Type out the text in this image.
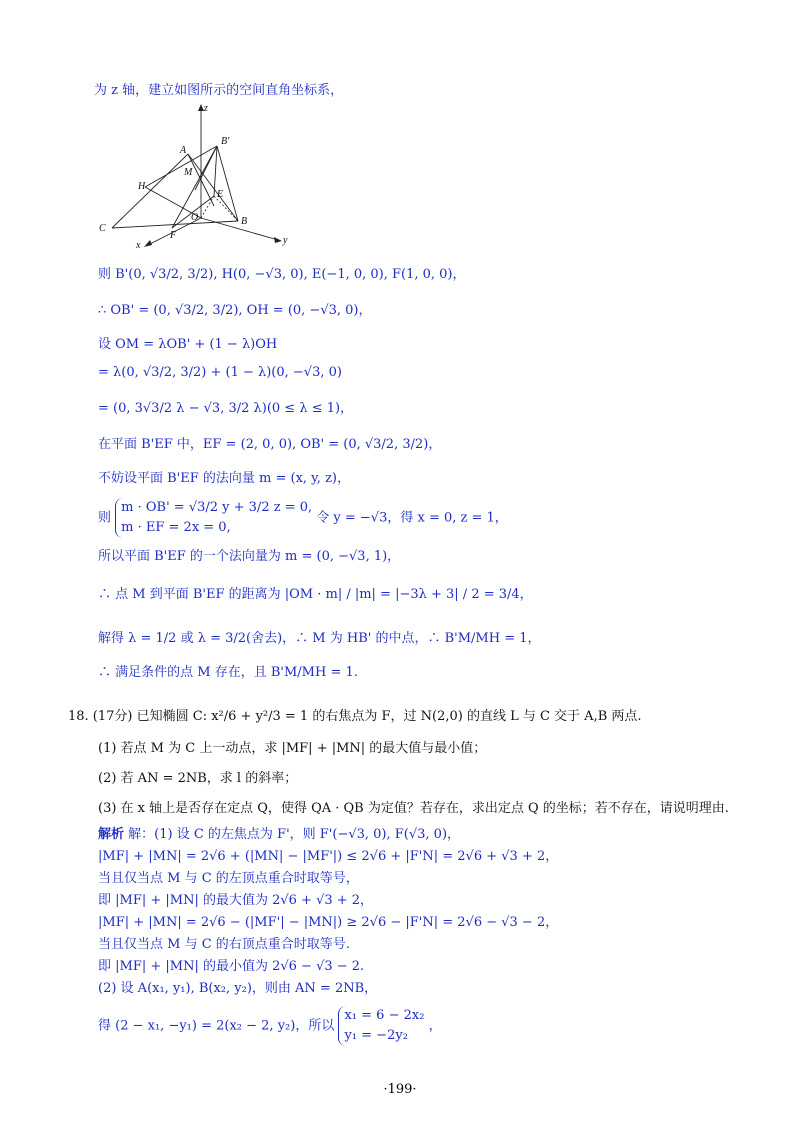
为 z 轴，建立如图所示的空间直角坐标系，
z
B'
A
M
H
E
O	B
C
F
x	y
则 B'(0, √3/2, 3/2), H(0, −√3, 0), E(−1, 0, 0), F(1, 0, 0)，
∴ OB' = (0, √3/2, 3/2), OH = (0, −√3, 0)，
设 OM = λOB' + (1 − λ)OH
= λ(0, √3/2, 3/2) + (1 − λ)(0, −√3, 0)
= (0, 3√3/2 λ − √3, 3/2 λ)(0 ≤ λ ≤ 1)，
在平面 B'EF 中，EF = (2, 0, 0), OB' = (0, √3/2, 3/2)，
不妨设平面 B'EF 的法向量 m = (x, y, z)，
则
m · OB' = √3/2 y + 3/2 z = 0,
m · EF = 2x = 0,
令 y = −√3，得 x = 0, z = 1，
所以平面 B'EF 的一个法向量为 m = (0, −√3, 1)，
∴ 点 M 到平面 B'EF 的距离为 |OM · m| / |m| = |−3λ + 3| / 2 = 3/4，
解得 λ = 1/2 或 λ = 3/2(舍去)，∴ M 为 HB' 的中点，∴ B'M/MH = 1，
∴ 满足条件的点 M 存在，且 B'M/MH = 1.
18. (17分) 已知椭圆 C: x²/6 + y²/3 = 1 的右焦点为 F，过 N(2,0) 的直线 L 与 C 交于 A,B 两点.
(1) 若点 M 为 C 上一动点，求 |MF| + |MN| 的最大值与最小值；
(2) 若 AN = 2NB，求 l 的斜率；
(3) 在 x 轴上是否存在定点 Q，使得 QA · QB 为定值？若存在，求出定点 Q 的坐标；若不存在，请说明理由.
解析 解：(1) 设 C 的左焦点为 F'，则 F'(−√3, 0), F(√3, 0)，
|MF| + |MN| = 2√6 + (|MN| − |MF'|) ≤ 2√6 + |F'N| = 2√6 + √3 + 2，
当且仅当点 M 与 C 的左顶点重合时取等号，
即 |MF| + |MN| 的最大值为 2√6 + √3 + 2，
|MF| + |MN| = 2√6 − (|MF'| − |MN|) ≥ 2√6 − |F'N| = 2√6 − √3 − 2，
当且仅当点 M 与 C 的右顶点重合时取等号.
即 |MF| + |MN| 的最小值为 2√6 − √3 − 2.
(2) 设 A(x₁, y₁), B(x₂, y₂)，则由 AN = 2NB，
得 (2 − x₁, −y₁) = 2(x₂ − 2, y₂)，所以
x₁ = 6 − 2x₂
y₁ = −2y₂
，
·199·
